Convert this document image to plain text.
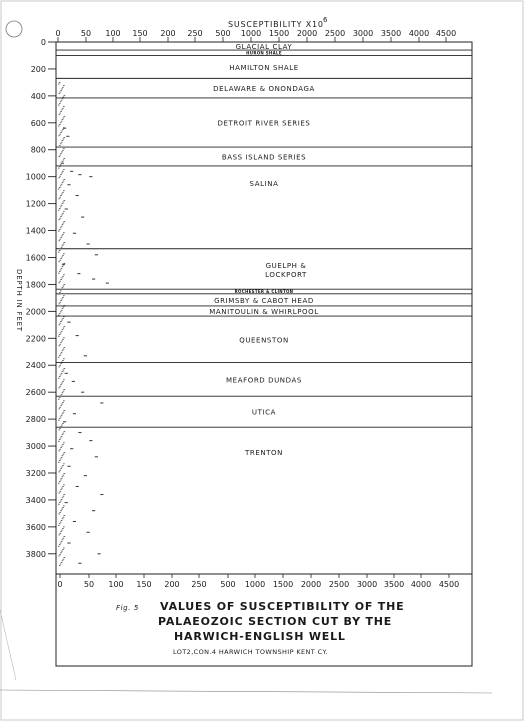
SUSCEPTIBILITY X10 6
DEPTH IN FEET
0	50 100 150 200 250 500 1000 1500 2000 2500 3000 3500 4000 4500
0	50 100 150 200 250 500 1000 1500 2000 2500 3000 3500 4000 4500
0
200
400
600
800
1000
1200
1400
1600
1800
2000
2200
2400
2600
2800
3000
3200
3400
3600
3800
GLACIAL CLAY
HURON SHALE
HAMILTON SHALE
DELAWARE & ONONDAGA
DETROIT RIVER SERIES
BASS ISLAND SERIES
SALINA
GUELPH &
LOCKPORT
ROCHESTER & CLINTON
GRIMSBY & CABOT HEAD
MANITOULIN & WHIRLPOOL
QUEENSTON
MEAFORD DUNDAS
UTICA
TRENTON
Fig. 5 VALUES OF SUSCEPTIBILITY OF THE
PALAEOZOIC SECTION CUT BY THE
HARWICH-ENGLISH WELL
LOT2,CON.4 HARWICH TOWNSHIP KENT CY.
